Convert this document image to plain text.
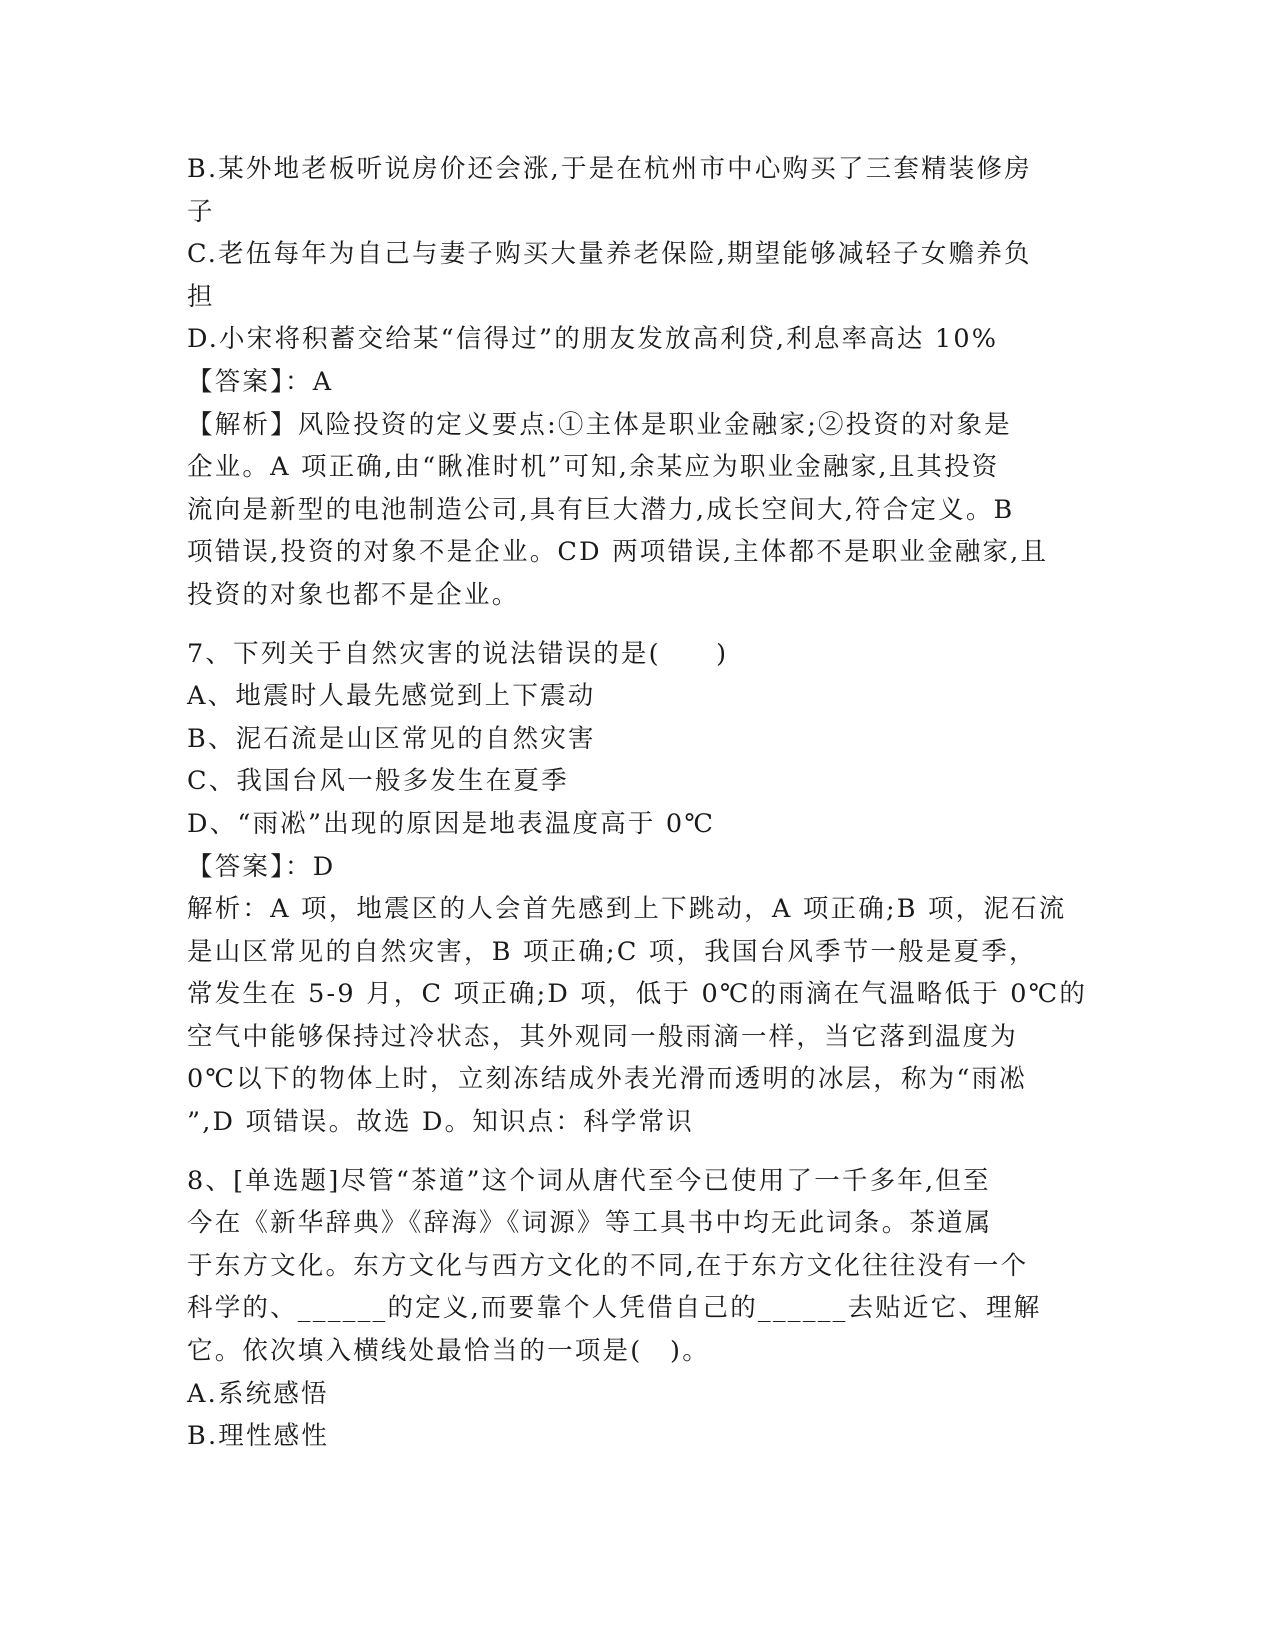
B.某外地老板听说房价还会涨,于是在杭州市中心购买了三套精装修房
子
C.老伍每年为自己与妻子购买大量养老保险,期望能够减轻子女赡养负
担
D.小宋将积蓄交给某“信得过”的朋友发放高利贷,利息率高达 10%
【答案】：A
【解析】风险投资的定义要点:①主体是职业金融家;②投资的对象是
企业。A 项正确,由“瞅准时机”可知,余某应为职业金融家,且其投资
流向是新型的电池制造公司,具有巨大潜力,成长空间大,符合定义。B
项错误,投资的对象不是企业。CD 两项错误,主体都不是职业金融家,且
投资的对象也都不是企业。
7、下列关于自然灾害的说法错误的是(　　)
A、地震时人最先感觉到上下震动
B、泥石流是山区常见的自然灾害
C、我国台风一般多发生在夏季
D、“雨凇”出现的原因是地表温度高于 0℃
【答案】：D
解析：A 项，地震区的人会首先感到上下跳动，A 项正确;B 项，泥石流
是山区常见的自然灾害，B 项正确;C 项，我国台风季节一般是夏季，
常发生在 5-9 月，C 项正确;D 项，低于 0℃的雨滴在气温略低于 0℃的
空气中能够保持过冷状态，其外观同一般雨滴一样，当它落到温度为
0℃以下的物体上时，立刻冻结成外表光滑而透明的冰层，称为“雨凇
”,D 项错误。故选 D。知识点：科学常识
8、[单选题]尽管“茶道”这个词从唐代至今已使用了一千多年,但至
今在《新华辞典》《辞海》《词源》等工具书中均无此词条。茶道属
于东方文化。东方文化与西方文化的不同,在于东方文化往往没有一个
科学的、______的定义,而要靠个人凭借自己的______去贴近它、理解
它。依次填入横线处最恰当的一项是(　)。
A.系统感悟
B.理性感性
